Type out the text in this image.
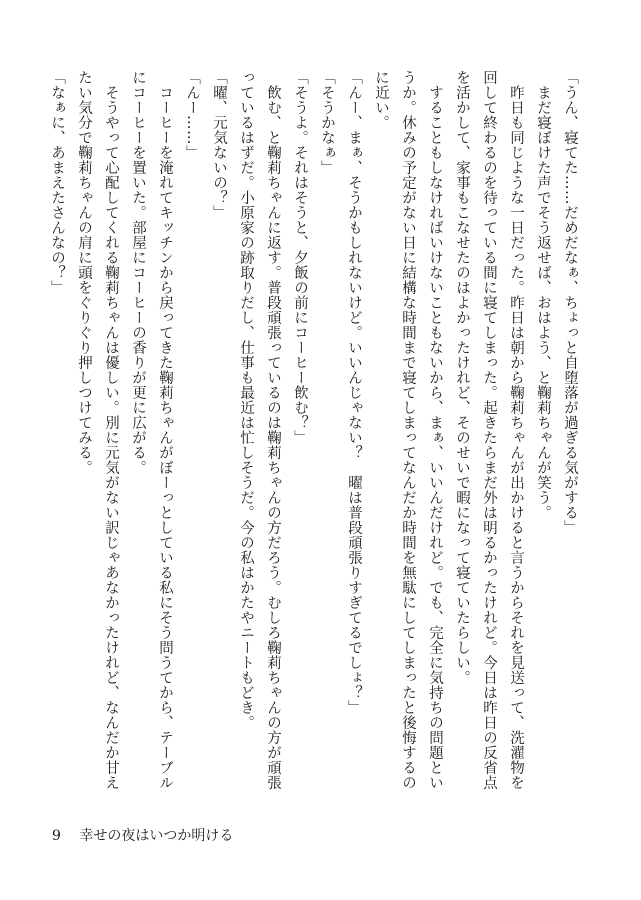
「うん、寝てた……だめだなぁ、ちょっと自堕落が過ぎる気がする」

まだ寝ぼけた声でそう返せば、おはよう、と鞠莉ちゃんが笑う。

昨日も同じような一日だった。昨日は朝から鞠莉ちゃんが出かけると言うからそれを見送って、洗濯物を回して終わるのを待っている間に寝てしまった。起きたらまだ外は明るかったけれど。今日は昨日の反省点を活かして、家事もこなせたのはよかったけれど、そのせいで暇になって寝ていたらしい。

することもしなければいけないこともないから、まぁ、いいんだけれど。でも、完全に気持ちの問題というか。休みの予定がない日に結構な時間まで寝てしまってなんだか時間を無駄にしてしまったと後悔するのに近い。

「んー、まぁ、そうかもしれないけど。いいんじゃない？　曜は普段頑張りすぎてるでしょ？」

「そうかなぁ」

「そうよ。それはそうと、夕飯の前にコーヒー飲む？」

飲む、と鞠莉ちゃんに返す。普段頑張っているのは鞠莉ちゃんの方だろう。むしろ鞠莉ちゃんの方が頑張っているはずだ。小原家の跡取りだし、仕事も最近は忙しそうだ。今の私はかたやニートもどき。

「曜、元気ないの？」

「んー……」

コーヒーを淹れてキッチンから戻ってきた鞠莉ちゃんがぼーっとしている私にそう問うてから、テーブルにコーヒーを置いた。部屋にコーヒーの香りが更に広がる。

そうやって心配してくれる鞠莉ちゃんは優しい。別に元気がない訳じゃあなかったけれど、なんだか甘えたい気分で鞠莉ちゃんの肩に頭をぐりぐり押しつけてみる。

「なぁに、あまえたさんなの？」

9 幸せの夜はいつか明ける
